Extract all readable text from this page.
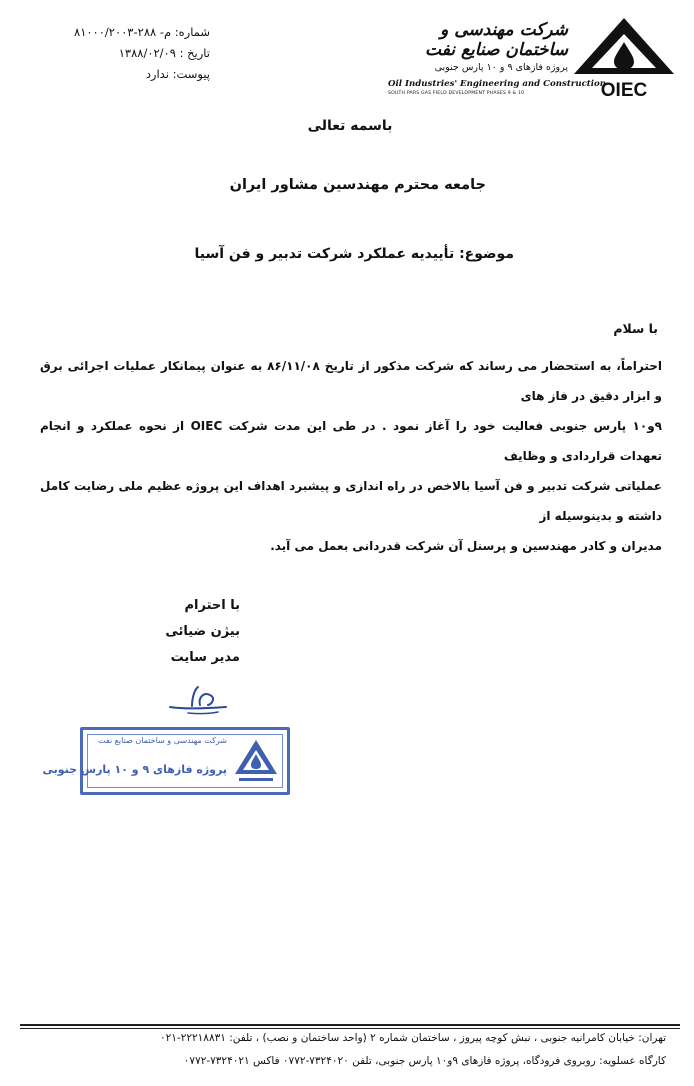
شماره: م- ۲۸۸-۸۱۰۰۰/۲۰۰۳
تاریخ : ۱۳۸۸/۰۲/۰۹
پیوست: ندارد
شرکت مهندسی و ساختمان صنایع نفت
پروژه فازهای ۹ و ۱۰ پارس جنوبی
Oil Industries' Engineering and Construction
SOUTH PARS GAS FIELD DEVELOPMENT PHASES 9 & 10	OIEC
باسمه تعالی
جامعه محترم مهندسین مشاور ایران
موضوع: تأییدیه عملکرد شرکت تدبیر و فن آسیا
با سلام
احتراماً، به استحضار می رساند که شرکت مذکور از تاریخ ۸۶/۱۱/۰۸ به عنوان پیمانکار عملیات اجرائی برق و ابزار دقیق در فاز های
۹و۱۰ پارس جنوبی فعالیت خود را آغاز نمود . در طی این مدت شرکت OIEC از نحوه عملکرد و انجام تعهدات قراردادی و وظایف
عملیاتی شرکت تدبیر و فن آسیا بالاخص در راه اندازی و پیشبرد اهداف این پروژه عظیم ملی رضایت کامل داشته و بدینوسیله از
مدیران و کادر مهندسین و پرسنل آن شرکت قدردانی بعمل می آید.
با احترام
بیژن ضیائی
مدیر سایت
شرکت مهندسی و ساختمان صنایع نفت
پروژه فازهای ۹ و ۱۰ پارس جنوبی
تهران: خیابان کامرانیه جنوبی ، نبش کوچه پیروز ، ساختمان شماره ۲ (واحد ساختمان و نصب) ، تلفن: ۲۲۲۱۸۸۳۱-۰۲۱
کارگاه عسلویه: روبروی فرودگاه، پروژه فازهای ۹و۱۰ پارس جنوبی، تلفن ۷۳۲۴۰۲۰-۰۷۷۲ فاکس ۷۳۲۴۰۲۱-۰۷۷۲
